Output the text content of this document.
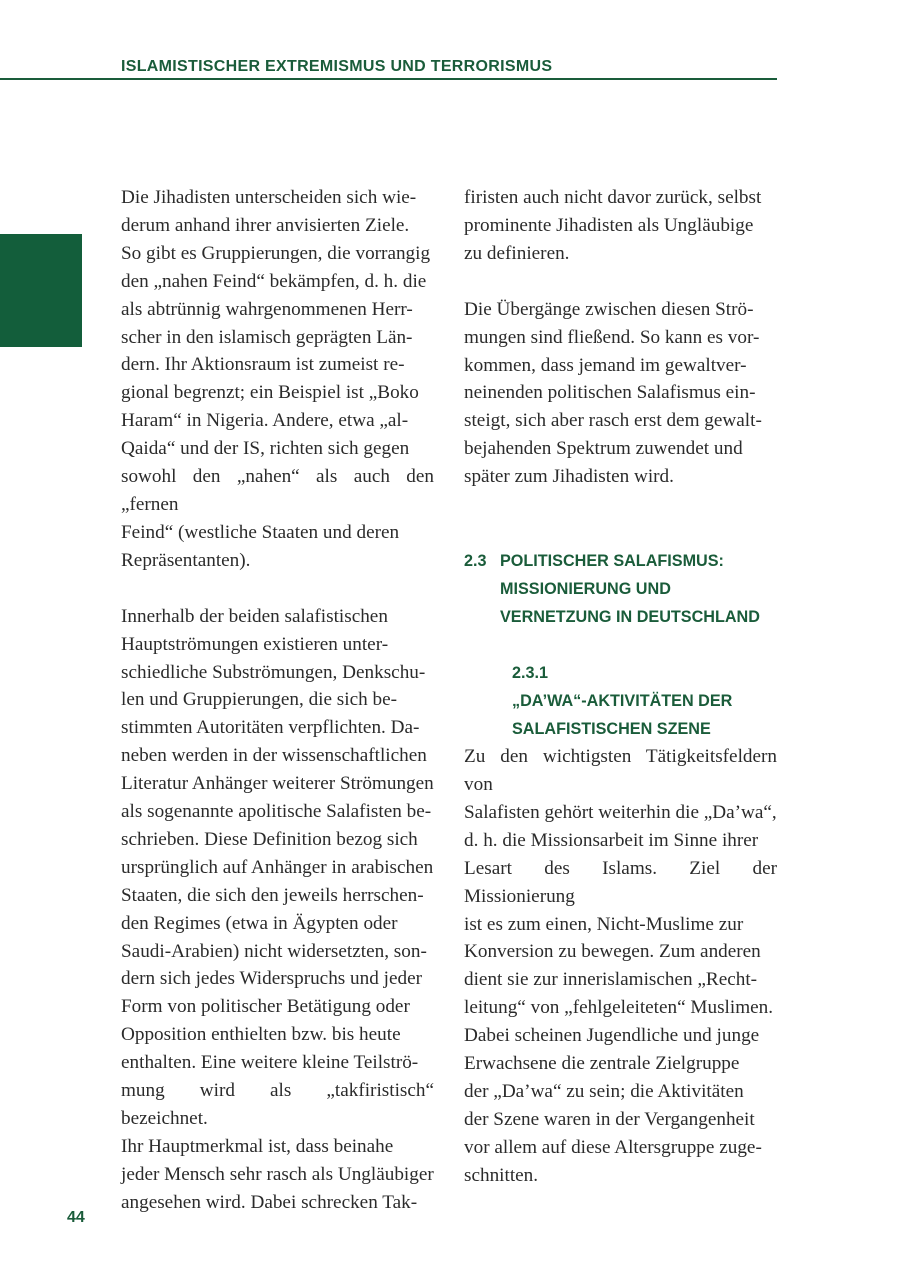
ISLAMISTISCHER EXTREMISMUS UND TERRORISMUS

Die Jihadisten unterscheiden sich wie-
derum anhand ihrer anvisierten Ziele.
So gibt es Gruppierungen, die vorrangig
den „nahen Feind“ bekämpfen, d. h. die
als abtrünnig wahrgenommenen Herr-
scher in den islamisch geprägten Län-
dern. Ihr Aktionsraum ist zumeist re-
gional begrenzt; ein Beispiel ist „Boko
Haram“ in Nigeria. Andere, etwa „al-
Qaida“ und der IS, richten sich gegen
sowohl den „nahen“ als auch den „fernen
Feind“ (westliche Staaten und deren
Repräsentanten).

Innerhalb der beiden salafistischen
Hauptströmungen existieren unter-
schiedliche Subströmungen, Denkschu-
len und Gruppierungen, die sich be-
stimmten Autoritäten verpflichten. Da-
neben werden in der wissenschaftlichen
Literatur Anhänger weiterer Strömungen
als sogenannte apolitische Salafisten be-
schrieben. Diese Definition bezog sich
ursprünglich auf Anhänger in arabischen
Staaten, die sich den jeweils herrschen-
den Regimes (etwa in Ägypten oder
Saudi-Arabien) nicht widersetzten, son-
dern sich jedes Widerspruchs und jeder
Form von politischer Betätigung oder
Opposition enthielten bzw. bis heute
enthalten. Eine weitere kleine Teilströ-
mung wird als „takfiristisch“ bezeichnet.
Ihr Hauptmerkmal ist, dass beinahe
jeder Mensch sehr rasch als Ungläubiger
angesehen wird. Dabei schrecken Tak-

firisten auch nicht davor zurück, selbst
prominente Jihadisten als Ungläubige
zu definieren.

Die Übergänge zwischen diesen Strö-
mungen sind fließend. So kann es vor-
kommen, dass jemand im gewaltver-
neinenden politischen Salafismus ein-
steigt, sich aber rasch erst dem gewalt-
bejahenden Spektrum zuwendet und
später zum Jihadisten wird.

2.3 POLITISCHER SALAFISMUS:
MISSIONIERUNG UND
VERNETZUNG IN DEUTSCHLAND
2.3.1
„DA’WA“-AKTIVITÄTEN DER
SALAFISTISCHEN SZENE

Zu den wichtigsten Tätigkeitsfeldern von
Salafisten gehört weiterhin die „Da’wa“,
d. h. die Missionsarbeit im Sinne ihrer
Lesart des Islams. Ziel der Missionierung
ist es zum einen, Nicht-Muslime zur
Konversion zu bewegen. Zum anderen
dient sie zur innerislamischen „Recht-
leitung“ von „fehlgeleiteten“ Muslimen.
Dabei scheinen Jugendliche und junge
Erwachsene die zentrale Zielgruppe
der „Da’wa“ zu sein; die Aktivitäten
der Szene waren in der Vergangenheit
vor allem auf diese Altersgruppe zuge-
schnitten.

44
